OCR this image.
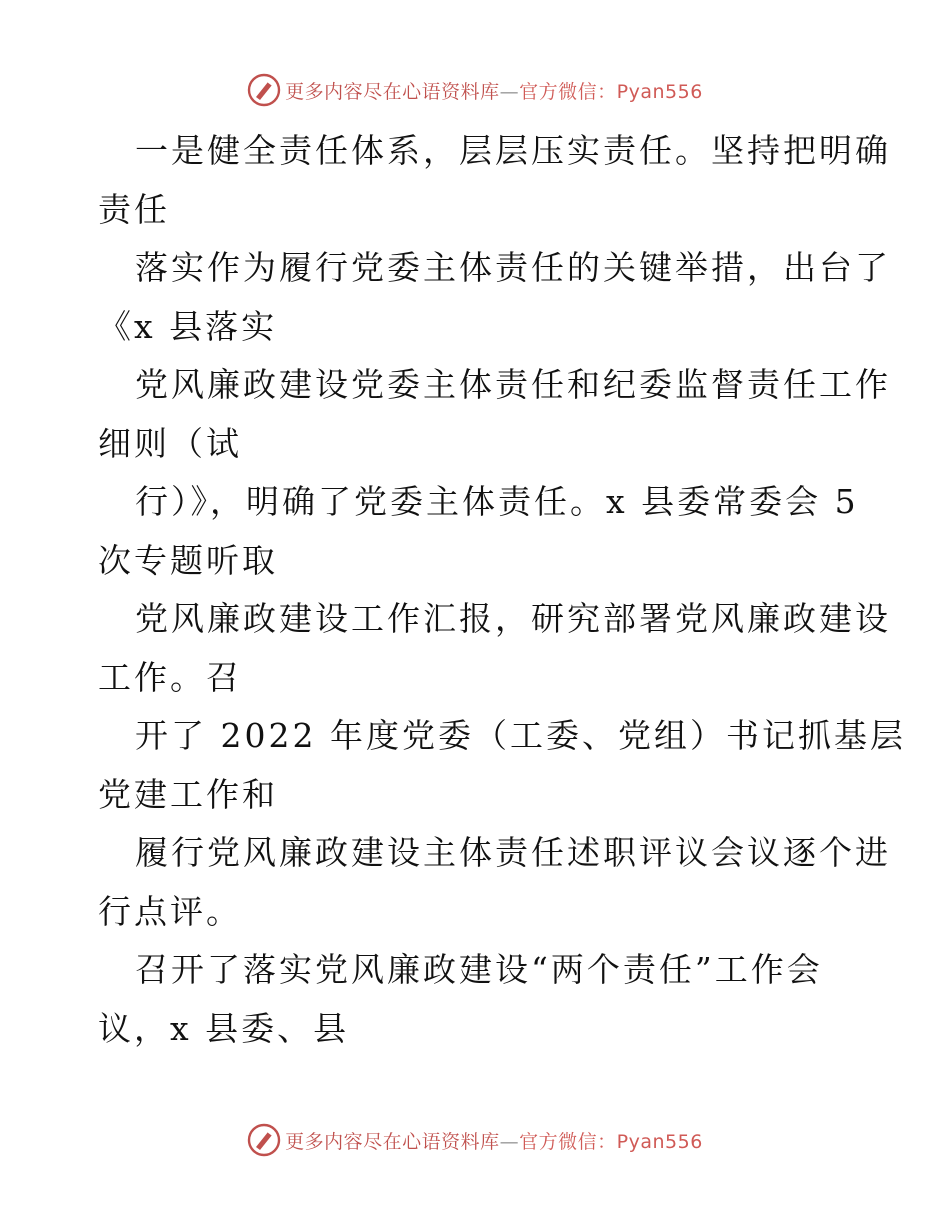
更多内容尽在心语资料库—官方微信：Pyan556
一是健全责任体系，层层压实责任。坚持把明确
责任
落实作为履行党委主体责任的关键举措，出台了
《x 县落实
党风廉政建设党委主体责任和纪委监督责任工作
细则（试
行）》，明确了党委主体责任。x 县委常委会 5
次专题听取
党风廉政建设工作汇报，研究部署党风廉政建设
工作。召
开了 2022 年度党委（工委、党组）书记抓基层
党建工作和
履行党风廉政建设主体责任述职评议会议逐个进
行点评。
召开了落实党风廉政建设“两个责任”工作会
议，x 县委、县
更多内容尽在心语资料库—官方微信：Pyan556
